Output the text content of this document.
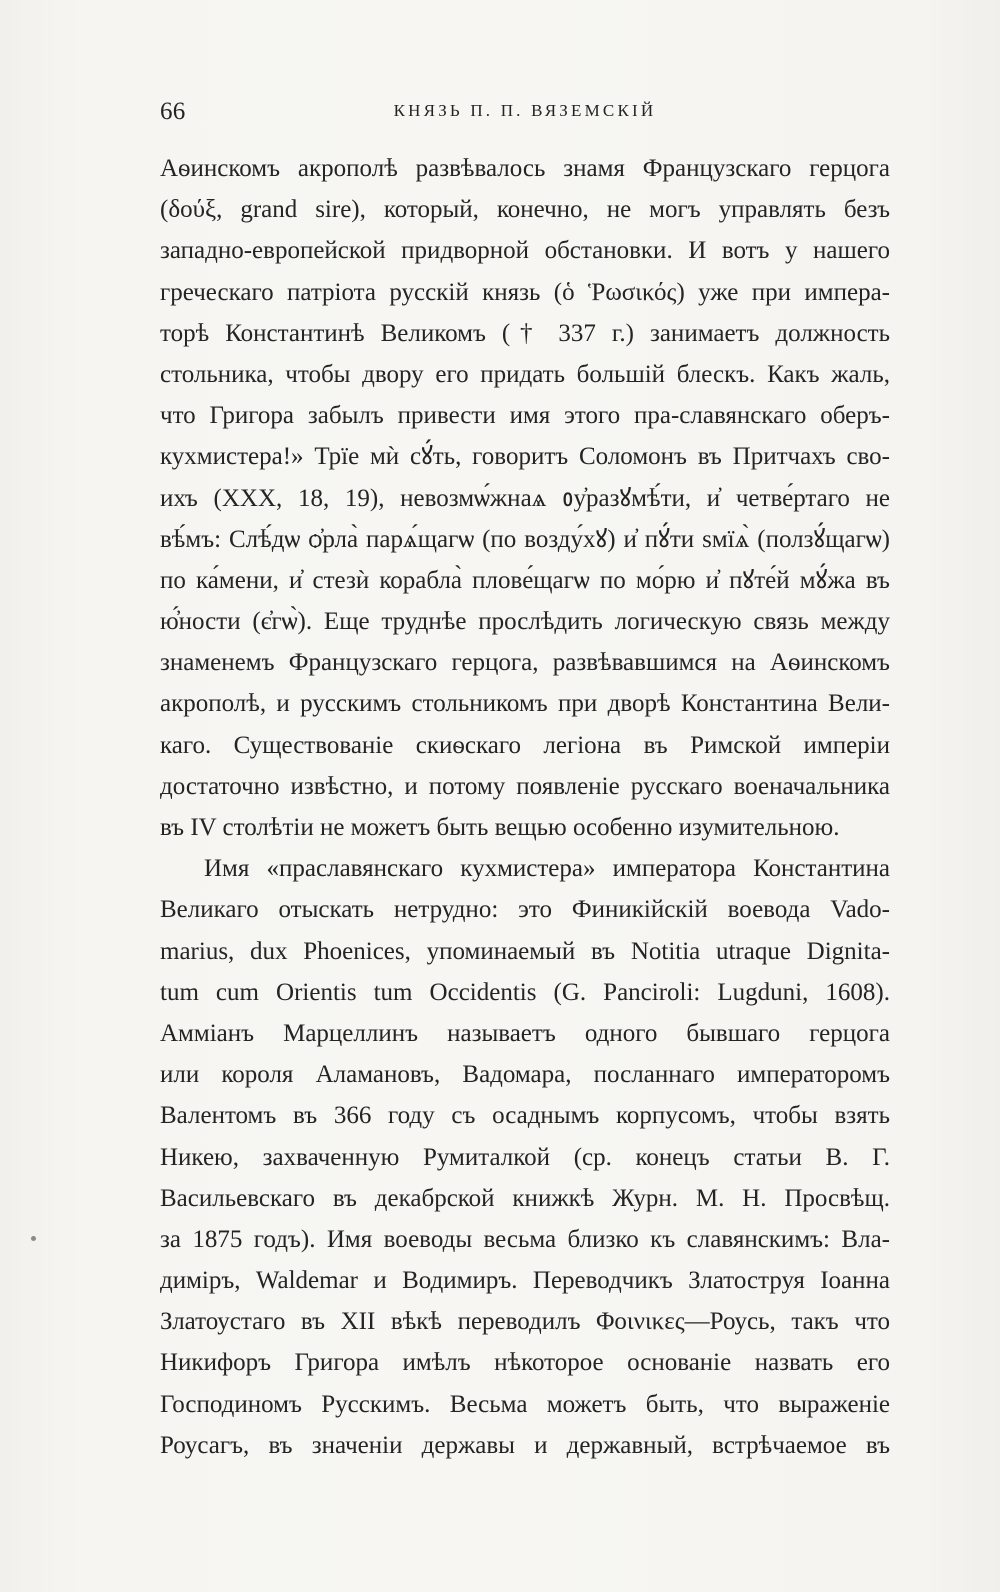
66	КНЯЗЬ П. П. ВЯЗЕМСКІЙ
Аѳинскомъ акрополѣ развѣвалось знамя Французскаго герцога
(δούξ, grand sire), который, конечно, не могъ управлять безъ
западно-европейской придворной обстановки. И вотъ у нашего
греческаго патріота русскій князь (ὁ Ῥωσικός) уже при импера-
торѣ Константинѣ Великомъ († 337 г.) занимаетъ должность
стольника, чтобы двору его придать большій блескъ. Какъ жаль,
что Григора забылъ привести имя этого пра-славянскаго оберъ-
кухмистера!» Трїе мѝ сꙋ́ть, говоритъ Соломонъ въ Притчахъ сво-
ихъ (XXX, 18, 19), невозмѡ́жнаѧ ᲂу҆разꙋмѣ́ти, и҆ четве́ртаго не
вѣ́мъ: Слѣ́дѡ ѻ҆рла̀ парѧ́щагѡ (по возду́хꙋ) и҆ пꙋ́ти ѕмїѧ̀ (ползꙋ́щагѡ)
по ка́мени, и҆ стезѝ корабла̀ плове́щагѡ по мо́рю и҆ пꙋте́й мꙋ́жа въ
ю҆́ности (є҆гѡ̀). Еще труднѣе прослѣдить логическую связь между
знаменемъ Французскаго герцога, развѣвавшимся на Аѳинскомъ
акрополѣ, и русскимъ стольникомъ при дворѣ Константина Вели-
каго. Существованіе скиѳскаго легіона въ Римской имперіи
достаточно извѣстно, и потому появленіе русскаго военачальника
въ IV столѣтіи не можетъ быть вещью особенно изумительною.
Имя «праславянскаго кухмистера» императора Константина
Великаго отыскать нетрудно: это Финикійскій воевода Vado-
marius, dux Phoenices, упоминаемый въ Notitia utraque Dignita-
tum cum Orientis tum Occidentis (G. Panciroli: Lugduni, 1608).
Амміанъ Марцеллинъ называетъ одного бывшаго герцога
или короля Аламановъ, Вадомара, посланнаго императоромъ
Валентомъ въ 366 году съ осаднымъ корпусомъ, чтобы взять
Никею, захваченную Румиталкой (ср. конецъ статьи В. Г.
Васильевскаго въ декабрской книжкѣ Журн. М. Н. Просвѣщ.
за 1875 годъ). Имя воеводы весьма близко къ славянскимъ: Вла-
диміръ, Waldemar и Водимиръ. Переводчикъ Златоструя Іоанна
Златоустаго въ XII вѣкѣ переводилъ Φοινικες—Роусь, такъ что
Никифоръ Григора имѣлъ нѣкоторое основаніе назвать его
Господиномъ Русскимъ. Весьма можетъ быть, что выраженіе
Роусагъ, въ значеніи державы и державный, встрѣчаемое въ
